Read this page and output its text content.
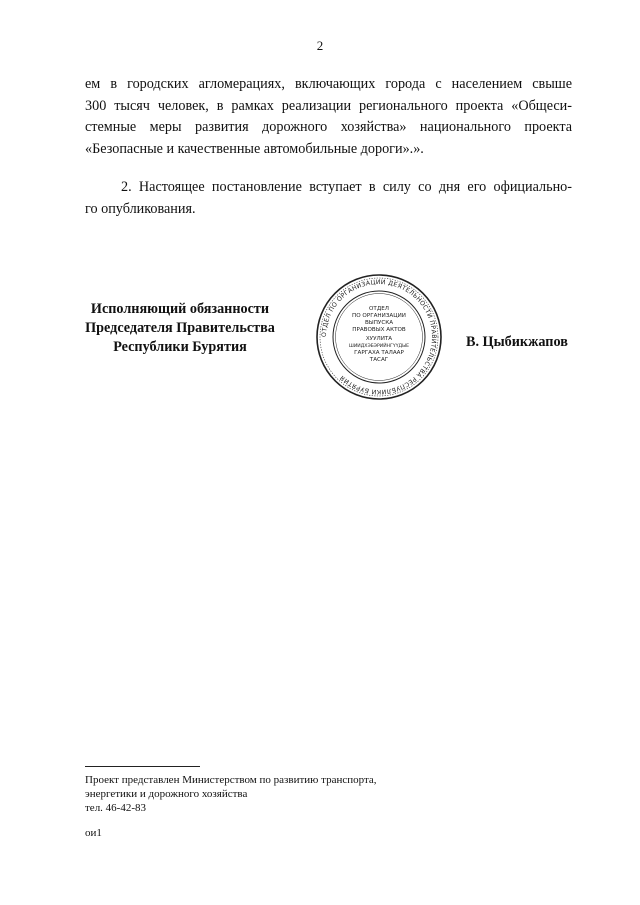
2
ем в городских агломерациях, включающих города с населением свыше
300 тысяч человек, в рамках реализации регионального проекта «Общеси-
стемные меры развития дорожного хозяйства» национального проекта
«Безопасные и качественные автомобильные дороги».».
2. Настоящее постановление вступает в силу со дня его официально-
го опубликования.
Исполняющий обязанности
Председателя Правительства
Республики Бурятия
ОТДЕЛ ПО ОРГАНИЗАЦИИ ДЕЯТЕЛЬНОСТИ ПРАВИТЕЛЬСТВА РЕСПУБЛИКИ БУРЯТИЯ
ОТДЕЛ
ПО ОРГАНИЗАЦИИ
ВЫПУСКА
ПРАВОВЫХ АКТОВ
ХУУЛИТА
ШИИДХЭБЭРИЙНГҮҮДЫЕ
ГАРГАХА ТАЛААР
ТАСАГ
В. Цыбикжапов
Проект представлен Министерством по развитию транспорта,
энергетики и дорожного хозяйства
тел. 46-42-83
ои1
